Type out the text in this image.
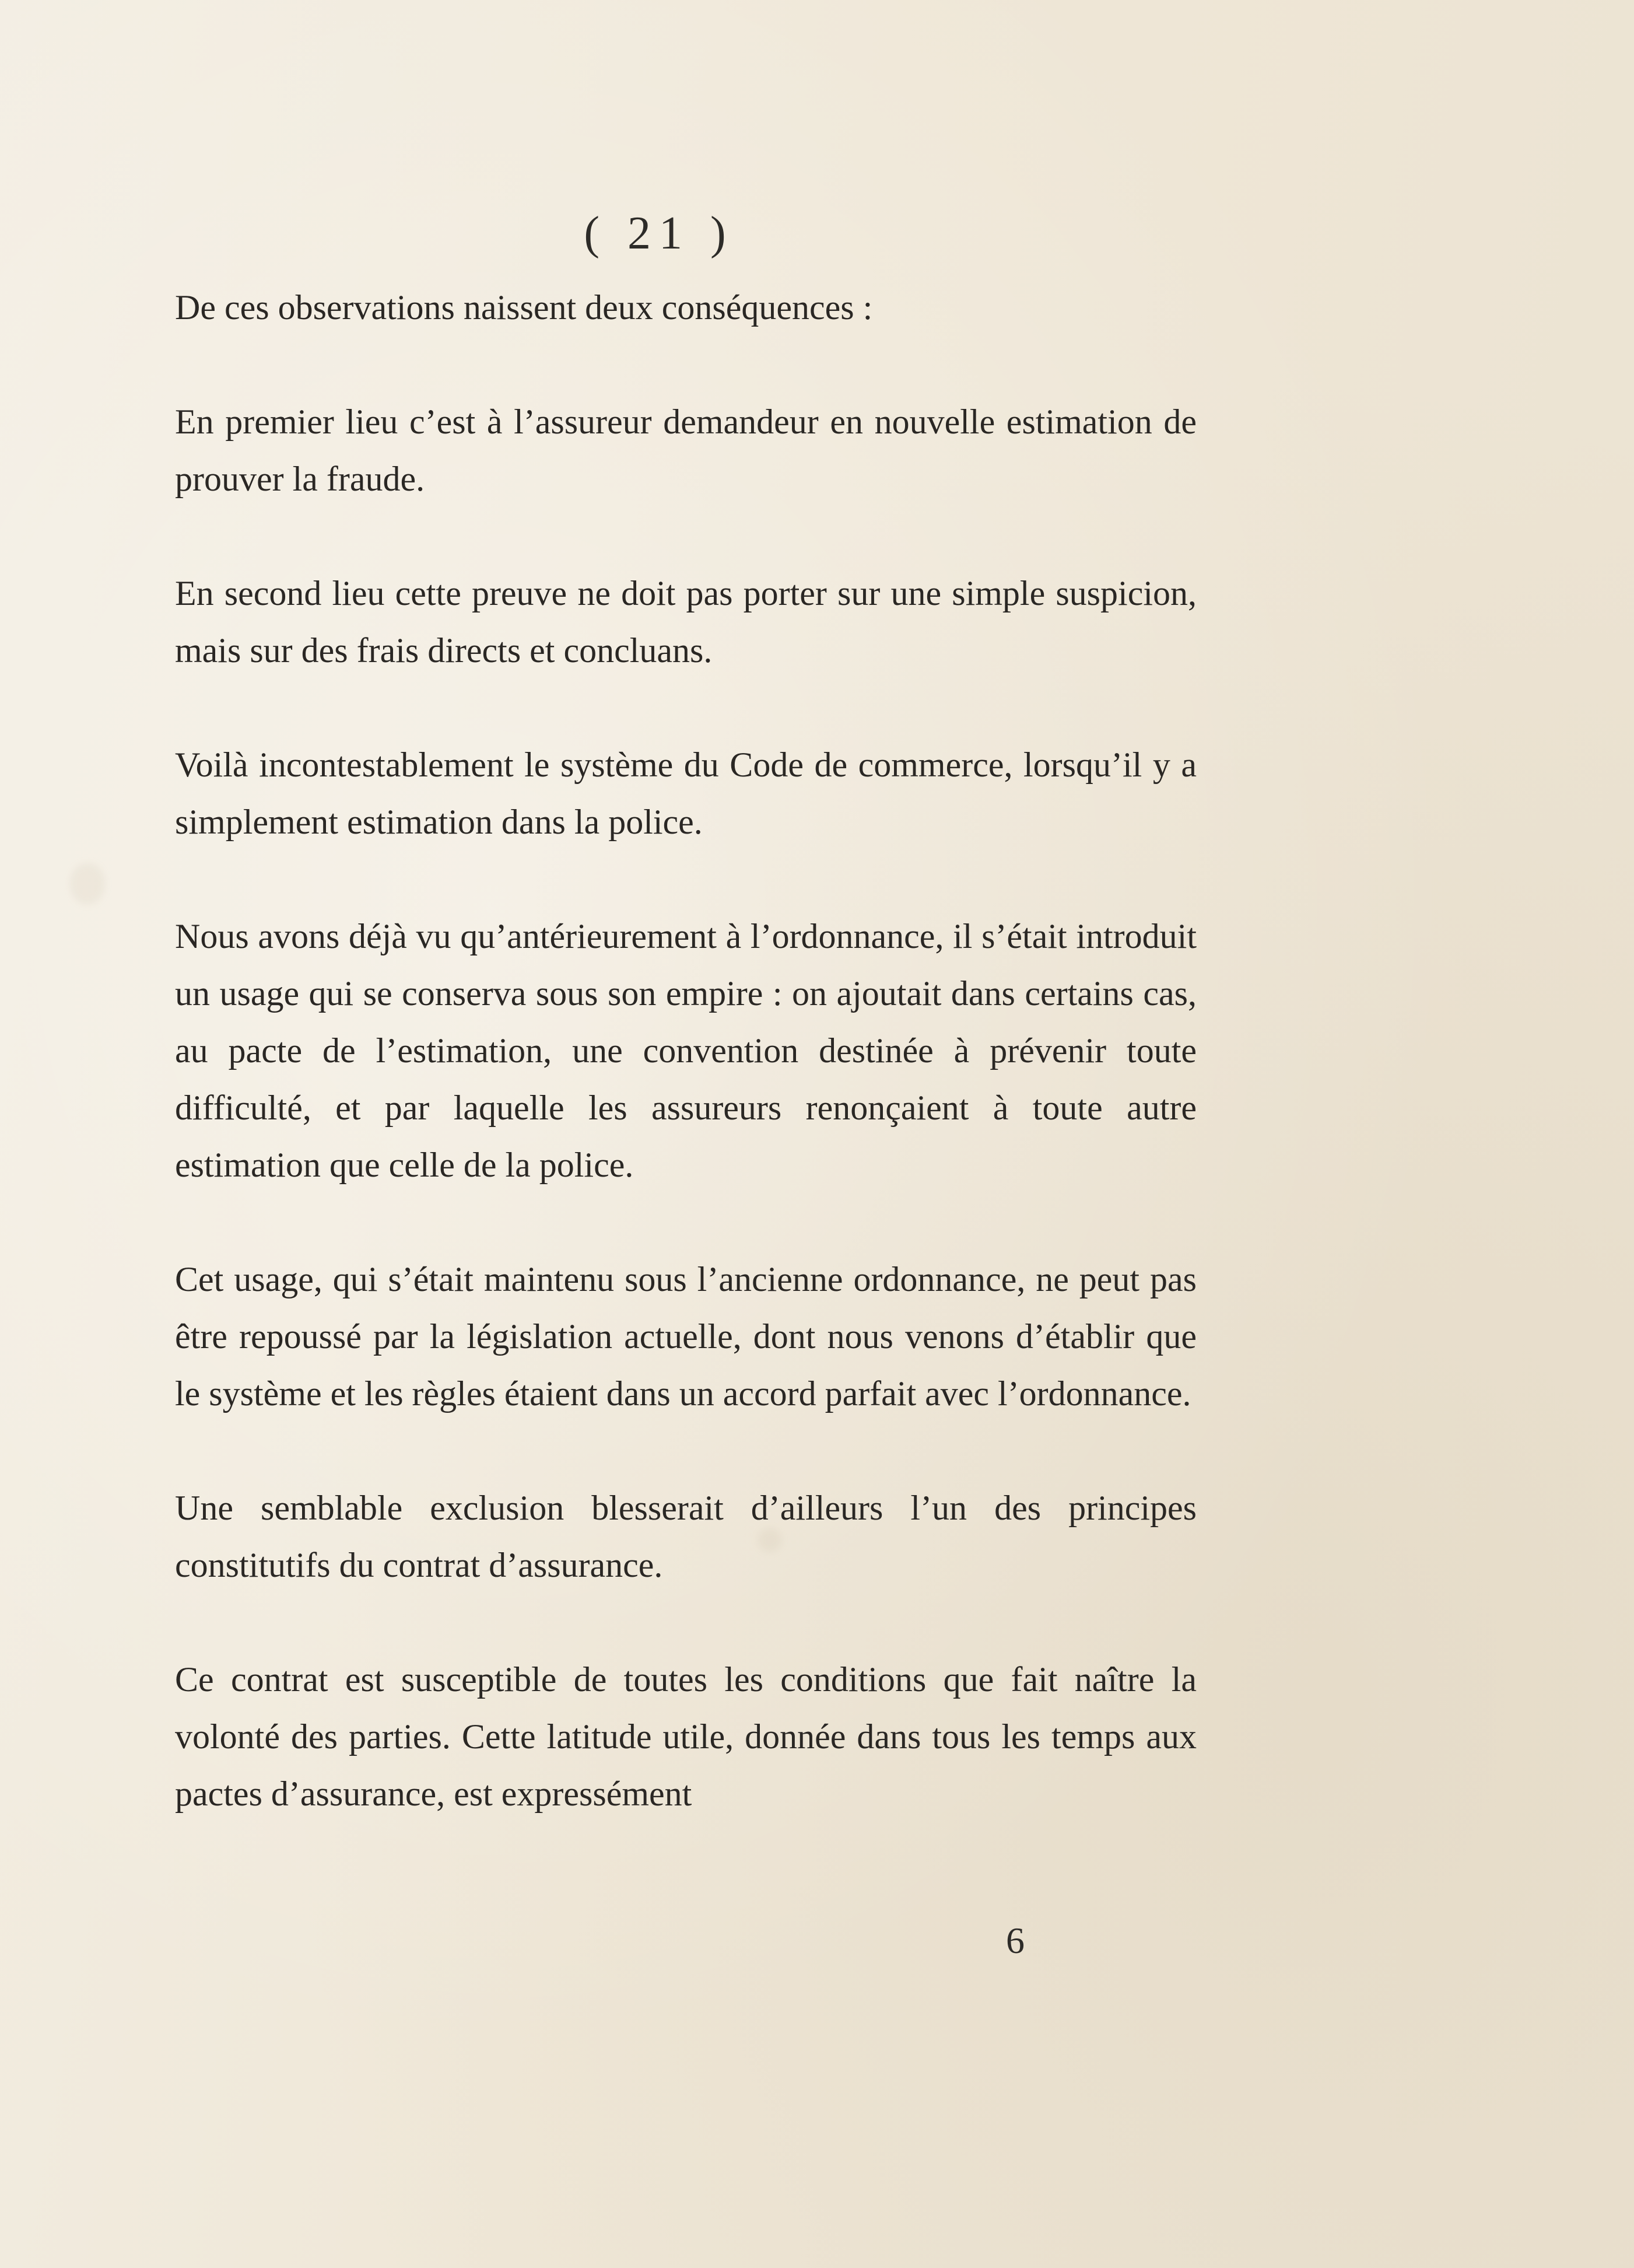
( 21 )

De ces observations naissent deux conséquences :

En premier lieu c’est à l’assureur demandeur en nouvelle estimation de prouver la fraude.

En second lieu cette preuve ne doit pas porter sur une simple suspicion, mais sur des frais directs et concluans.

Voilà incontestablement le système du Code de commerce, lorsqu’il y a simplement estimation dans la police.

Nous avons déjà vu qu’antérieurement à l’ordonnance, il s’était introduit un usage qui se conserva sous son empire : on ajoutait dans certains cas, au pacte de l’estimation, une convention destinée à prévenir toute difficulté, et par laquelle les assureurs renonçaient à toute autre estimation que celle de la police.

Cet usage, qui s’était maintenu sous l’ancienne ordonnance, ne peut pas être repoussé par la législation actuelle, dont nous venons d’établir que le système et les règles étaient dans un accord parfait avec l’ordonnance.

Une semblable exclusion blesserait d’ailleurs l’un des principes constitutifs du contrat d’assurance.

Ce contrat est susceptible de toutes les conditions que fait naître la volonté des parties. Cette latitude utile, donnée dans tous les temps aux pactes d’assurance, est expressément

6
